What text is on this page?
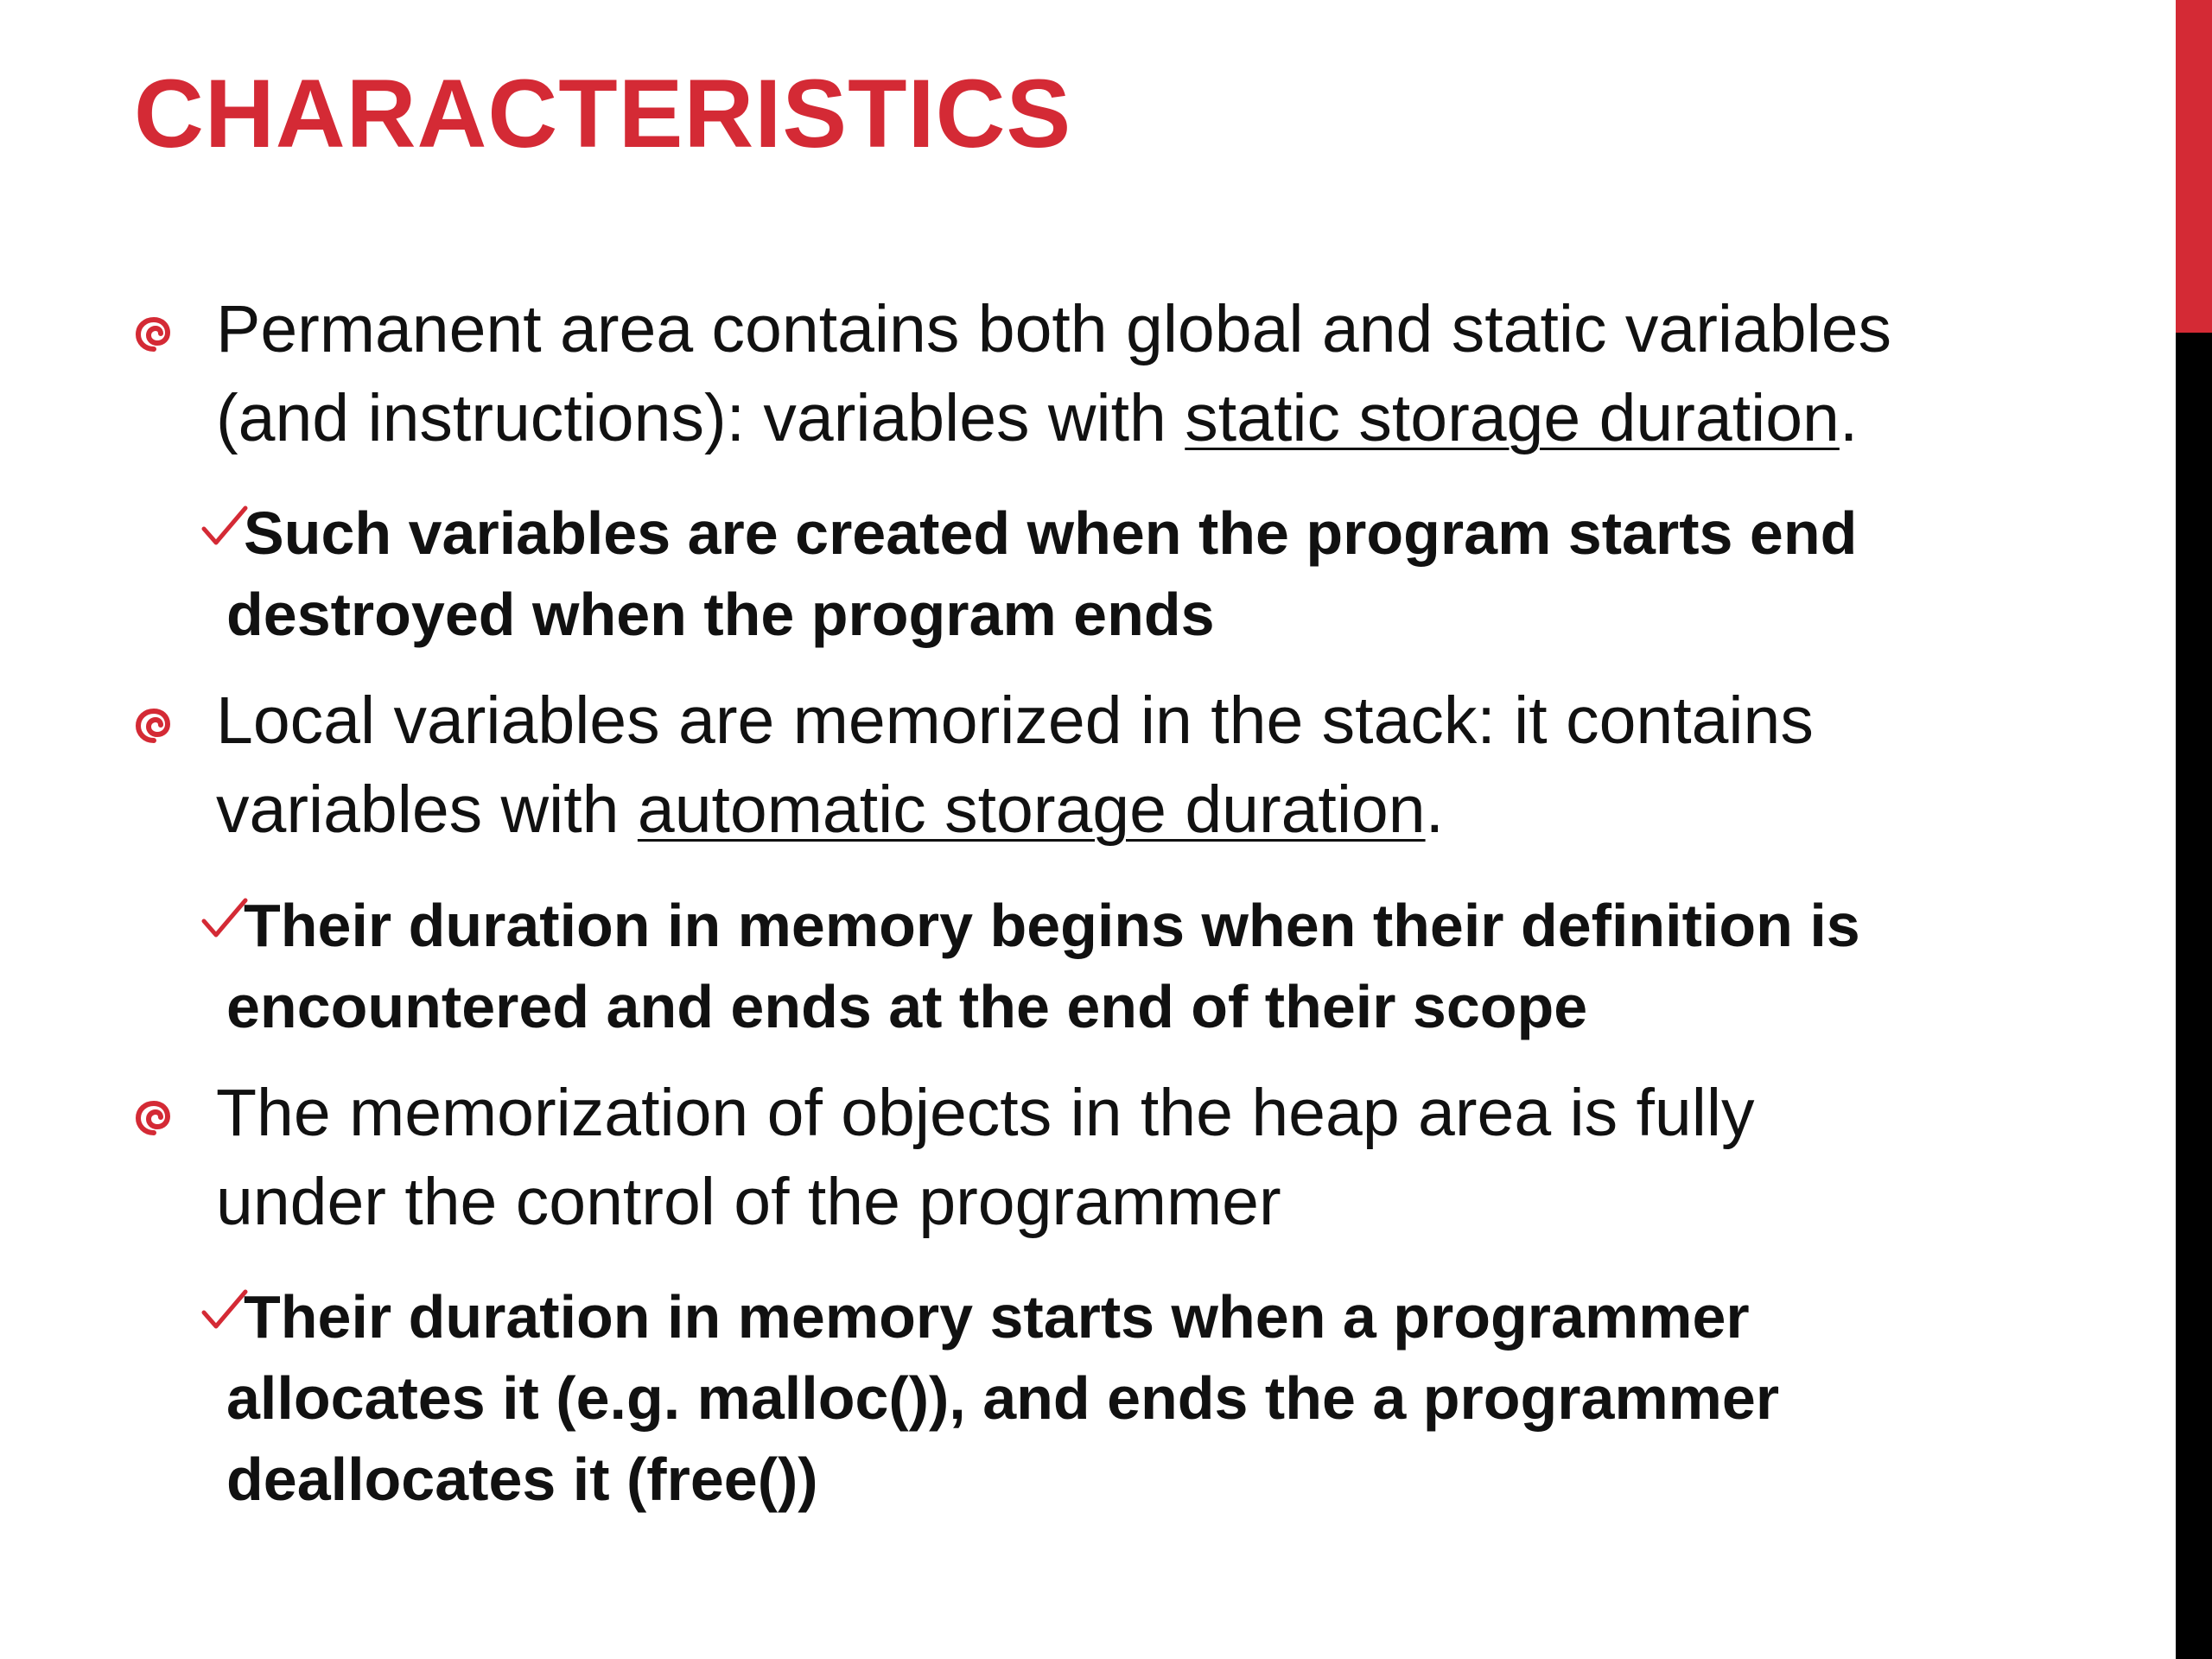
CHARACTERISTICS
Permanent area contains both global and static variables
(and instructions): variables with static storage duration.
Such variables are created when the program starts end
destroyed when the program ends
Local variables are memorized in the stack: it contains
variables with automatic storage duration.
Their duration in memory begins when their definition is
encountered and ends at the end of their scope
The memorization of objects in the heap area is fully
under the control of the programmer
Their duration in memory starts when a programmer
allocates it (e.g. malloc()), and ends the a programmer
deallocates it (free())
